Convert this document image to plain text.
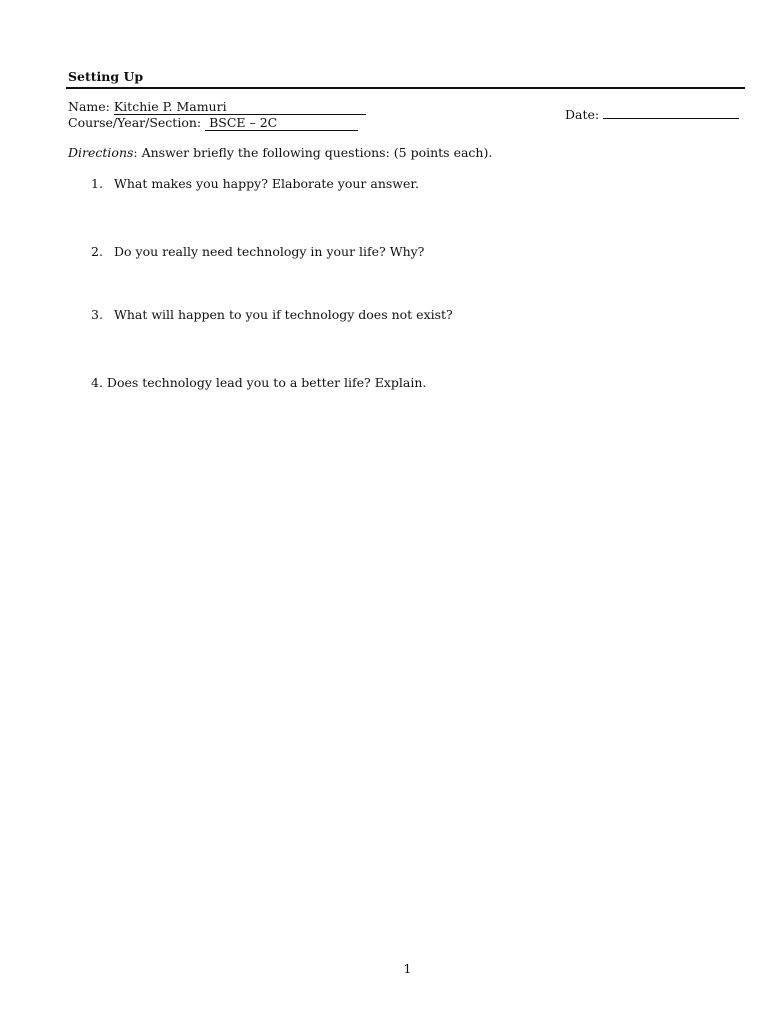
Setting Up
Name: Kitchie P. Mamuri
Course/Year/Section: BSCE – 2C
Date:
Directions: Answer briefly the following questions: (5 points each).
1. What makes you happy? Elaborate your answer.
2. Do you really need technology in your life? Why?
3. What will happen to you if technology does not exist?
4. Does technology lead you to a better life? Explain.
1
